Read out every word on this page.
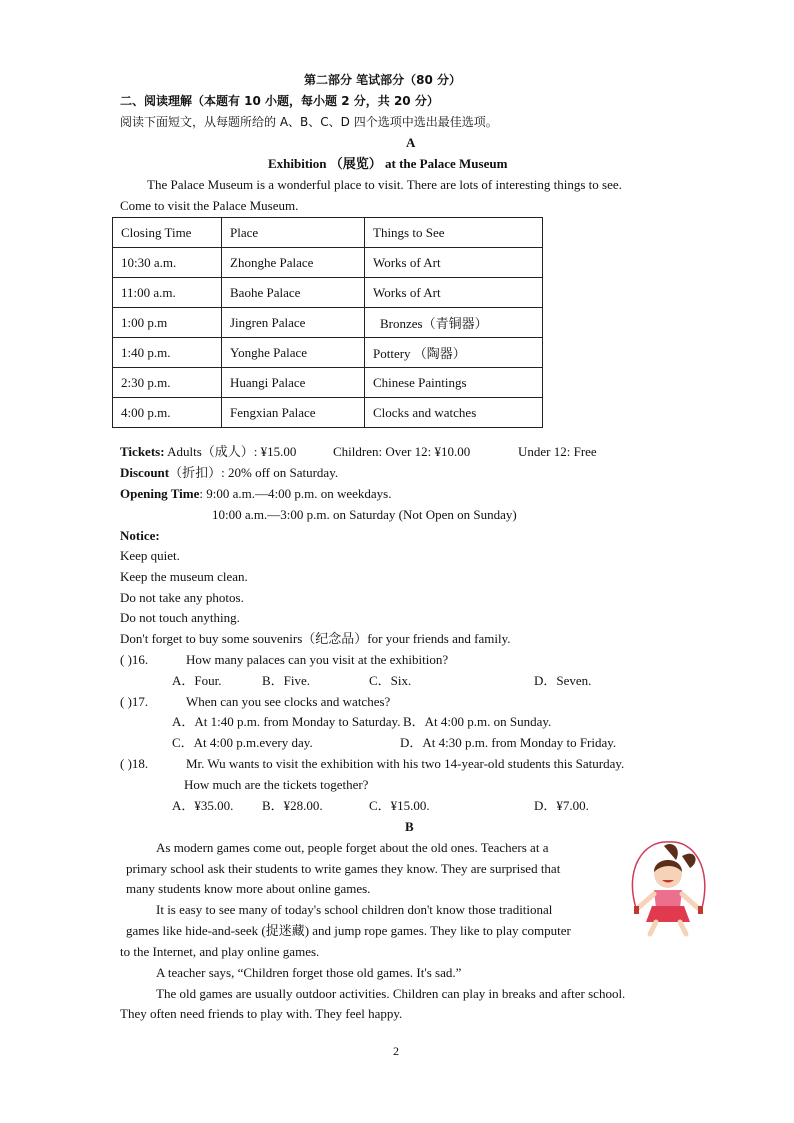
第二部分 笔试部分（80 分）
二、阅读理解（本题有 10 小题，每小题 2 分，共 20 分）
阅读下面短文，从每题所给的 A、B、C、D 四个选项中选出最佳选项。
A
Exhibition （展览） at the Palace Museum
The Palace Museum is a wonderful place to visit. There are lots of interesting things to see.
Come to visit the Palace Museum.
Closing Time	Place	Things to See
10:30 a.m.	Zhonghe Palace	Works of Art
11:00 a.m.	Baohe Palace	Works of Art
1:00 p.m	Jingren Palace	Bronzes（青铜器）
1:40 p.m.	Yonghe Palace	Pottery （陶器）
2:30 p.m.	Huangi Palace	Chinese Paintings
4:00 p.m.	Fengxian Palace	Clocks and watches
Tickets: Adults（成人）: ¥15.00	Children: Over 12: ¥10.00	Under 12: Free
Discount（折扣）: 20% off on Saturday.
Opening Time: 9:00 a.m.—4:00 p.m. on weekdays.
10:00 a.m.—3:00 p.m. on Saturday (Not Open on Sunday)
Notice:
Keep quiet.
Keep the museum clean.
Do not take any photos.
Do not touch anything.
Don't forget to buy some souvenirs（纪念品）for your friends and family.
( )16.	How many palaces can you visit at the exhibition?
A．Four.	B．Five.	C．Six.	D．Seven.
( )17.	When can you see clocks and watches?
A．At 1:40 p.m. from Monday to Saturday. B．At 4:00 p.m. on Sunday.
C．At 4:00 p.m.every day.	D．At 4:30 p.m. from Monday to Friday.
( )18.	Mr. Wu wants to visit the exhibition with his two 14-year-old students this Saturday.
How much are the tickets together?
A．¥35.00. B．¥28.00.	C．¥15.00.	D．¥7.00.
B
As modern games come out, people forget about the old ones. Teachers at a
primary school ask their students to write games they know. They are surprised that
many students know more about online games.
It is easy to see many of today's school children don't know those traditional
games like hide-and-seek (捉迷藏) and jump rope games. They like to play computer
to the Internet, and play online games.
A teacher says, “Children forget those old games. It's sad.”
The old games are usually outdoor activities. Children can play in breaks and after school.
They often need friends to play with. They feel happy.
2
